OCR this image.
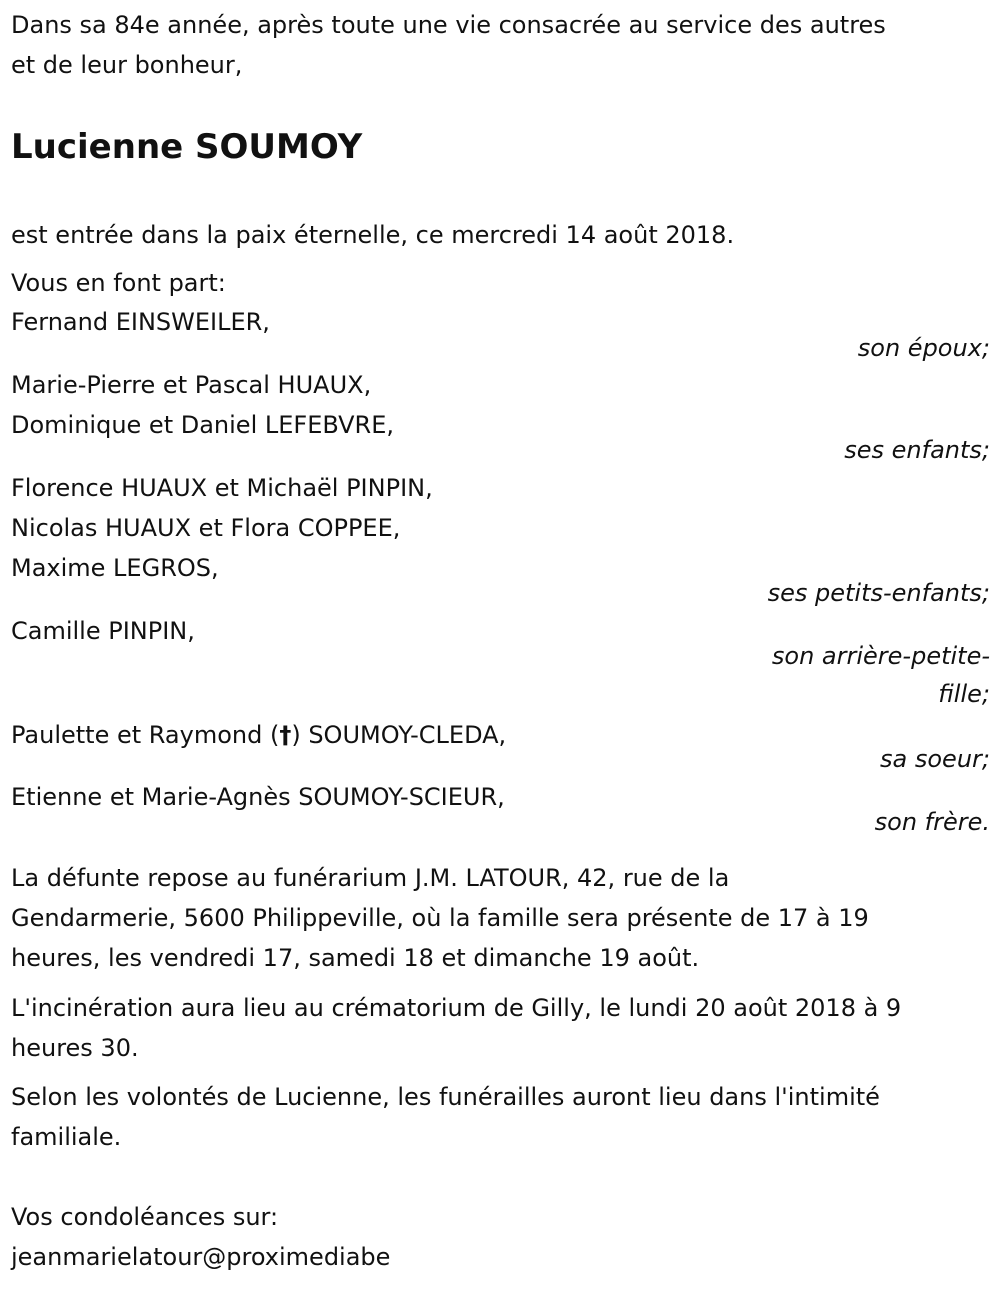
Dans sa 84e année, après toute une vie consacrée au service des autres
et de leur bonheur,
Lucienne SOUMOY
est entrée dans la paix éternelle, ce mercredi 14 août 2018.
Vous en font part:
Fernand EINSWEILER,
son époux;
Marie-Pierre et Pascal HUAUX,
Dominique et Daniel LEFEBVRE,
ses enfants;
Florence HUAUX et Michaël PINPIN,
Nicolas HUAUX et Flora COPPEE,
Maxime LEGROS,
ses petits-enfants;
Camille PINPIN,
son arrière-petite-
fille;
Paulette et Raymond (†) SOUMOY-CLEDA,
sa soeur;
Etienne et Marie-Agnès SOUMOY-SCIEUR,
son frère.
La défunte repose au funérarium J.M. LATOUR, 42, rue de la
Gendarmerie, 5600 Philippeville, où la famille sera présente de 17 à 19
heures, les vendredi 17, samedi 18 et dimanche 19 août.
L'incinération aura lieu au crématorium de Gilly, le lundi 20 août 2018 à 9
heures 30.
Selon les volontés de Lucienne, les funérailles auront lieu dans l'intimité
familiale.
Vos condoléances sur:
jeanmarielatour@proximediabe
